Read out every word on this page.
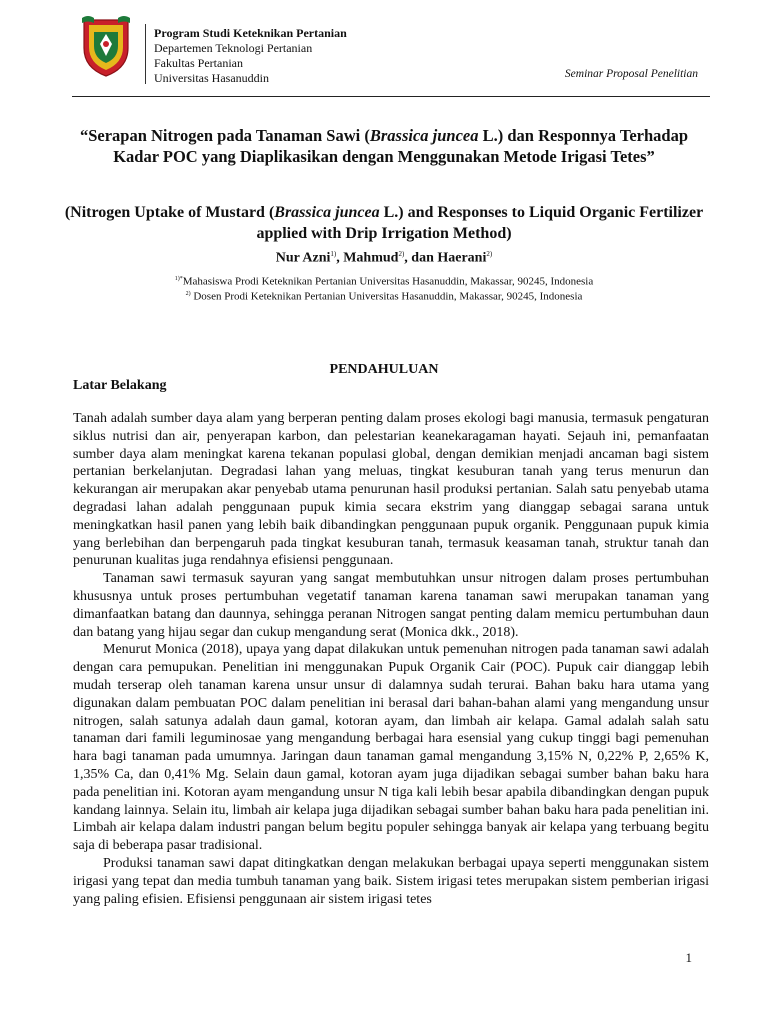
Program Studi Keteknikan Pertanian
Departemen Teknologi Pertanian
Fakultas Pertanian
Universitas Hasanuddin	Seminar Proposal Penelitian
“Serapan Nitrogen pada Tanaman Sawi (Brassica juncea L.) dan Responnya Terhadap Kadar POC yang Diaplikasikan dengan Menggunakan Metode Irigasi Tetes”
(Nitrogen Uptake of Mustard (Brassica juncea L.) and Responses to Liquid Organic Fertilizer applied with Drip Irrigation Method)
Nur Azni$^{1)}$, Mahmud$^{2)}$, dan Haerani$^{2)}$
$^{1)*}$Mahasiswa Prodi Keteknikan Pertanian Universitas Hasanuddin, Makassar, 90245, Indonesia
$^{2)}$ Dosen Prodi Keteknikan Pertanian Universitas Hasanuddin, Makassar, 90245, Indonesia
PENDAHULUAN
Latar Belakang

Tanah adalah sumber daya alam yang berperan penting dalam proses ekologi bagi manusia, termasuk pengaturan siklus nutrisi dan air, penyerapan karbon, dan pelestarian keanekaragaman hayati. Sejauh ini, pemanfaatan sumber daya alam meningkat karena tekanan populasi global, dengan demikian menjadi ancaman bagi sistem pertanian berkelanjutan. Degradasi lahan yang meluas, tingkat kesuburan tanah yang terus menurun dan kekurangan air merupakan akar penyebab utama penurunan hasil produksi pertanian. Salah satu penyebab utama degradasi lahan adalah penggunaan pupuk kimia secara ekstrim yang dianggap sebagai sarana untuk meningkatkan hasil panen yang lebih baik dibandingkan penggunaan pupuk organik. Penggunaan pupuk kimia yang berlebihan dan berpengaruh pada tingkat kesuburan tanah, termasuk keasaman tanah, struktur tanah dan penurunan kualitas juga rendahnya efisiensi penggunaan.

Tanaman sawi termasuk sayuran yang sangat membutuhkan unsur nitrogen dalam proses pertumbuhan khususnya untuk proses pertumbuhan vegetatif tanaman karena tanaman sawi merupakan tanaman yang dimanfaatkan batang dan daunnya, sehingga peranan Nitrogen sangat penting dalam memicu pertumbuhan daun dan batang yang hijau segar dan cukup mengandung serat (Monica dkk., 2018).

Menurut Monica (2018), upaya yang dapat dilakukan untuk pemenuhan nitrogen pada tanaman sawi adalah dengan cara pemupukan. Penelitian ini menggunakan Pupuk Organik Cair (POC). Pupuk cair dianggap lebih mudah terserap oleh tanaman karena unsur unsur di dalamnya sudah terurai. Bahan baku hara utama yang digunakan dalam pembuatan POC dalam penelitian ini berasal dari bahan-bahan alami yang mengandung unsur nitrogen, salah satunya adalah daun gamal, kotoran ayam, dan limbah air kelapa. Gamal adalah salah satu tanaman dari famili leguminosae yang mengandung berbagai hara esensial yang cukup tinggi bagi pemenuhan hara bagi tanaman pada umumnya. Jaringan daun tanaman gamal mengandung 3,15% N, 0,22% P, 2,65% K, 1,35% Ca, dan 0,41% Mg. Selain daun gamal, kotoran ayam juga dijadikan sebagai sumber bahan baku hara pada penelitian ini. Kotoran ayam mengandung unsur N tiga kali lebih besar apabila dibandingkan dengan pupuk kandang lainnya. Selain itu, limbah air kelapa juga dijadikan sebagai sumber bahan baku hara pada penelitian ini. Limbah air kelapa dalam industri pangan belum begitu populer sehingga banyak air kelapa yang terbuang begitu saja di beberapa pasar tradisional.

Produksi tanaman sawi dapat ditingkatkan dengan melakukan berbagai upaya seperti menggunakan sistem irigasi yang tepat dan media tumbuh tanaman yang baik. Sistem irigasi tetes merupakan sistem pemberian irigasi yang paling efisien. Efisiensi penggunaan air sistem irigasi tetes

1
